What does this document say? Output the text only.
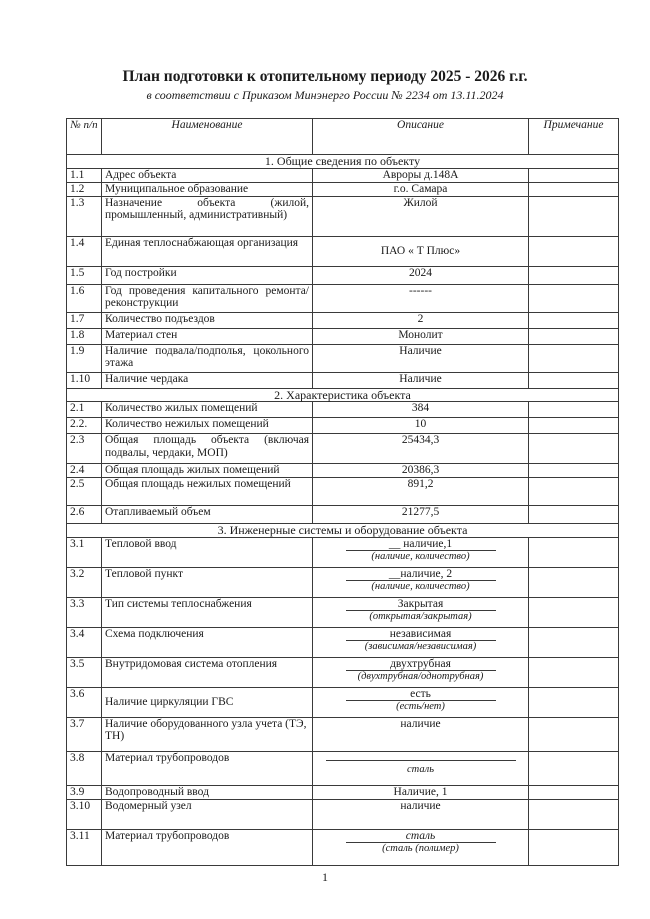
План подготовки к отопительному периоду 2025 - 2026 г.г.
в соответствии с Приказом Минэнерго России № 2234 от 13.11.2024
№ п/п	Наименование	Описание	Примечание
1. Общие сведения по объекту			
1.1	Адрес объекта	Авроры д.148А	
1.2	Муниципальное образование	г.о. Самара	
1.3	Назначение объекта (жилой, промышленный, административный)	Жилой	
1.4	Единая теплоснабжающая организация	ПАО « Т Плюс»	
1.5	Год постройки	2024	
1.6	Год проведения капитального ремонта/реконструкции	------	
1.7	Количество подъездов	2	
1.8	Материал стен	Монолит	
1.9	Наличие подвала/подполья, цокольного этажа	Наличие	
1.10	Наличие чердака	Наличие	
2. Характеристика объекта			
2.1	Количество жилых помещений	384	
2.2.	Количество нежилых помещений	10	
2.3	Общая площадь объекта (включая подвалы, чердаки, МОП)	25434,3	
2.4	Общая площадь жилых помещений	20386,3	
2.5	Общая площадь нежилых помещений	891,2	
2.6	Отапливаемый объем	21277,5	
3. Инженерные системы и оборудование объекта			
3.1	Тепловой ввод	__ наличие,1
(наличие, количество)	

3.2	Тепловой пункт	__наличие, 2
(наличие, количество)	

3.3	Тип системы теплоснабжения	Закрытая
(открытая/закрытая)	

3.4	Схема подключения	независимая
(зависимая/независимая)	

3.5	Внутридомовая система отопления	двухтрубная
(двухтрубная/однотрубная)	

3.6	Наличие циркуляции ГВС	есть
(есть/нет)	

3.7	Наличие оборудованного узла учета (ТЭ, ТН)	наличие	
3.8	Материал трубопроводов	сталь	

3.9	Водопроводный ввод	Наличие, 1	
3.10	Водомерный узел	наличие	
3.11	Материал трубопроводов	сталь
(сталь (полимер)	

1
